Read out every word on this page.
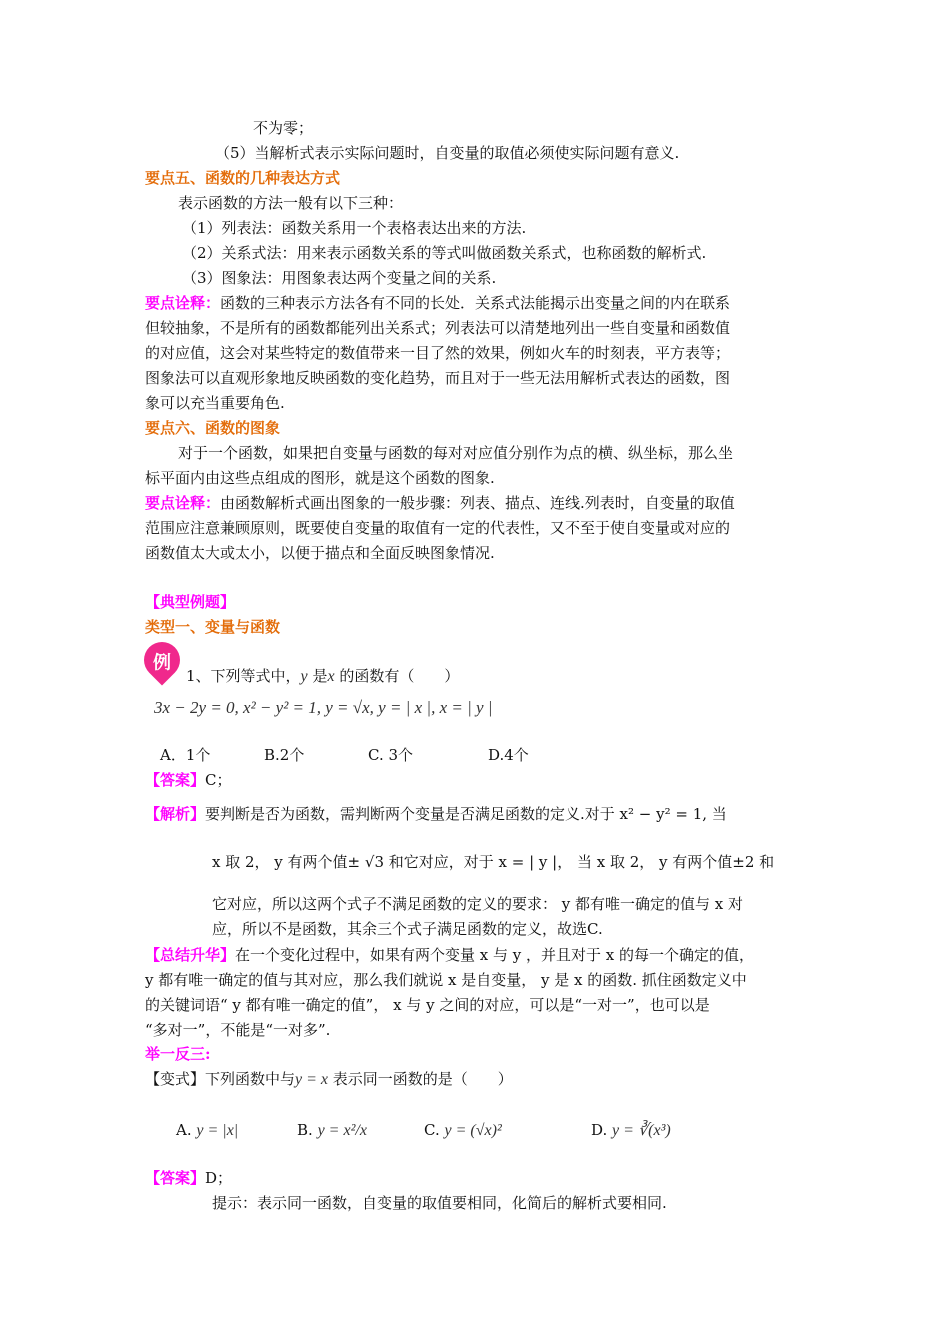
不为零；
（5）当解析式表示实际问题时，自变量的取值必须使实际问题有意义.
要点五、函数的几种表达方式
表示函数的方法一般有以下三种：
（1）列表法：函数关系用一个表格表达出来的方法.
（2）关系式法：用来表示函数关系的等式叫做函数关系式，也称函数的解析式.
（3）图象法：用图象表达两个变量之间的关系.
要点诠释：函数的三种表示方法各有不同的长处．关系式法能揭示出变量之间的内在联系
但较抽象，不是所有的函数都能列出关系式；列表法可以清楚地列出一些自变量和函数值
的对应值，这会对某些特定的数值带来一目了然的效果，例如火车的时刻表，平方表等；
图象法可以直观形象地反映函数的变化趋势，而且对于一些无法用解析式表达的函数，图
象可以充当重要角色.
要点六、函数的图象
对于一个函数，如果把自变量与函数的每对对应值分别作为点的横、纵坐标，那么坐
标平面内由这些点组成的图形，就是这个函数的图象.
要点诠释：由函数解析式画出图象的一般步骤：列表、描点、连线.列表时，自变量的取值
范围应注意兼顾原则，既要使自变量的取值有一定的代表性，又不至于使自变量或对应的
函数值太大或太小，以便于描点和全面反映图象情况.
【典型例题】
类型一、变量与函数
例
1、下列等式中，y 是x 的函数有（　　）
3x − 2y = 0, x² − y² = 1, y = √x, y = | x |, x = | y |
A．1个	B.2个	C. 3个	D.4个
【答案】C；
【解析】要判断是否为函数，需判断两个变量是否满足函数的定义.对于 x² − y² = 1, 当
x 取 2， y 有两个值± √3 和它对应，对于 x = | y |， 当 x 取 2， y 有两个值±2 和
它对应，所以这两个式子不满足函数的定义的要求： y 都有唯一确定的值与 x 对
应，所以不是函数，其余三个式子满足函数的定义，故选C.
【总结升华】在一个变化过程中，如果有两个变量 x 与 y ，并且对于 x 的每一个确定的值，
y 都有唯一确定的值与其对应，那么我们就说 x 是自变量， y 是 x 的函数. 抓住函数定义中
的关键词语“ y 都有唯一确定的值”， x 与 y 之间的对应，可以是“一对一”，也可以是
“多对一”，不能是“一对多”.
举一反三:
【变式】下列函数中与y = x 表示同一函数的是（　　）
A. y = |x|	B. y = x²/x	C. y = (√x)²	D. y = ∛(x³)
【答案】D；
提示：表示同一函数，自变量的取值要相同，化简后的解析式要相同.
